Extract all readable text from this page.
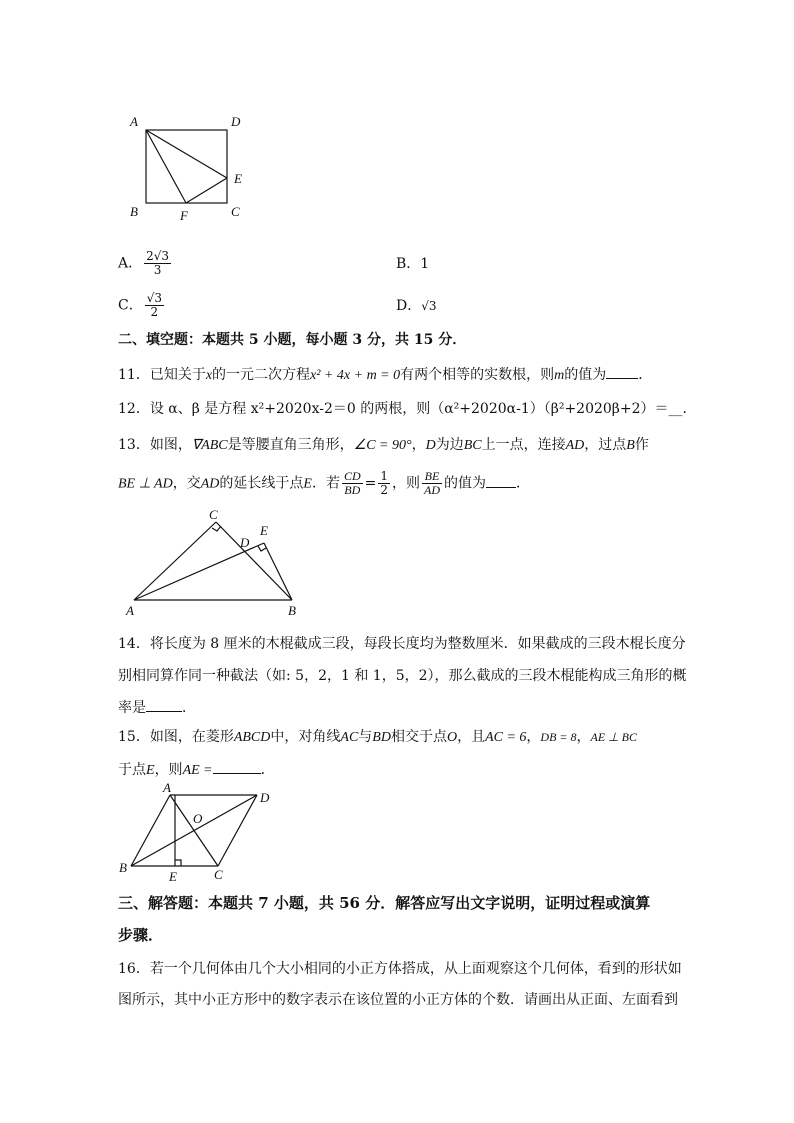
A	D
E
B	F	C
A． $\frac{2√3}{3}$	B．1
C． $\frac{√3}{2}$	D．√3
二、填空题：本题共 5 小题，每小题 3 分，共 15 分．
11．已知关于x的一元二次方程x² + 4x + m = 0有两个相等的实数根，则m的值为 ．
12．设 α、β 是方程 x²+2020x-2＝0 的两根，则（α²+2020α-1）（β²+2020β+2）＝__．
13．如图，∇ABC是等腰直角三角形，∠C = 90°，D为边BC上一点，连接AD，过点B作
BE ⊥ AD，交AD的延长线于点E．若 $\frac{CD}{BD} = \frac{1}{2}$ ，则 $\frac{BE}{AD}$ 的值为 ．
C
E
D
A	B
14．将长度为 8 厘米的木棍截成三段，每段长度均为整数厘米．如果截成的三段木棍长度分
别相同算作同一种截法（如: 5，2，1 和 1，5，2），那么截成的三段木棍能构成三角形的概
率是	．
15．如图，在菱形ABCD中，对角线AC与BD相交于点O，且AC = 6，DB = 8，AE ⊥ BC
于点E，则AE =	．
A
D
O
B
E	C
三、解答题：本题共 7 小题，共 56 分．解答应写出文字说明，证明过程或演算
步骤．
16．若一个几何体由几个大小相同的小正方体搭成，从上面观察这个几何体，看到的形状如
图所示，其中小正方形中的数字表示在该位置的小正方体的个数．请画出从正面、左面看到
